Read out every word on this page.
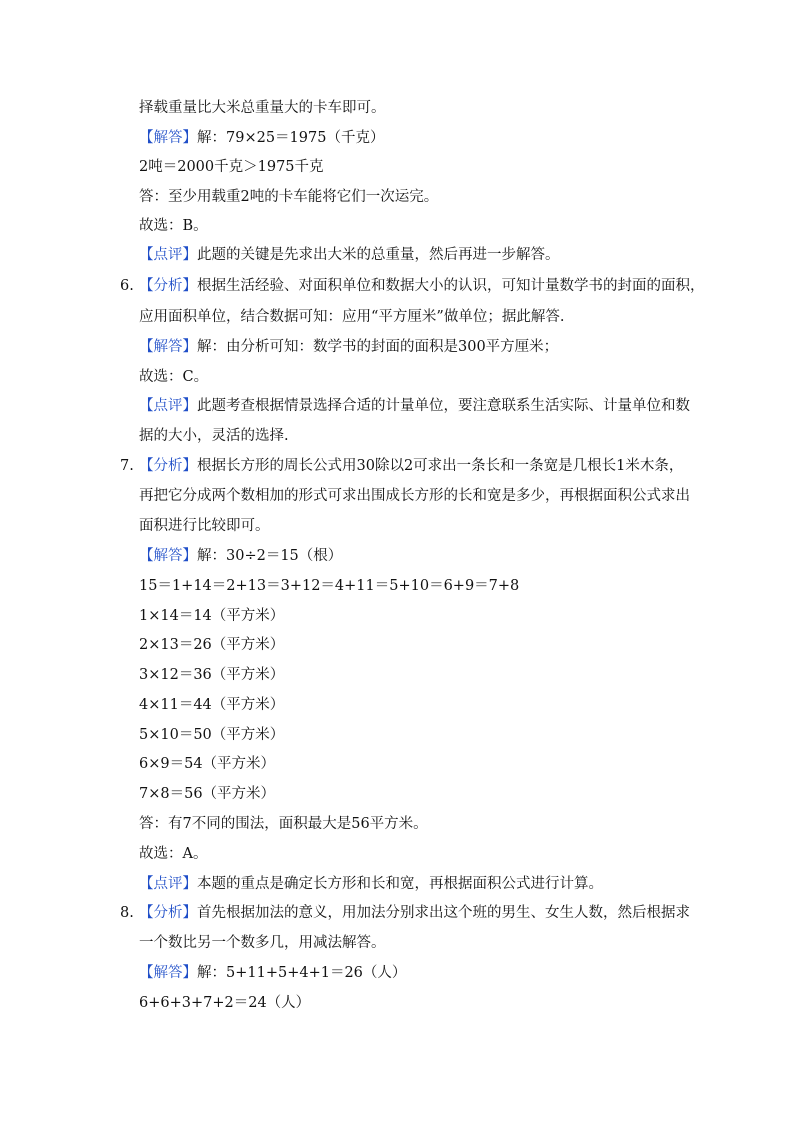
择载重量比大米总重量大的卡车即可。
【解答】解：79×25＝1975（千克）
2吨＝2000千克＞1975千克
答：至少用载重2吨的卡车能将它们一次运完。
故选：B。
【点评】此题的关键是先求出大米的总重量，然后再进一步解答。
6. 【分析】根据生活经验、对面积单位和数据大小的认识，可知计量数学书的封面的面积，
应用面积单位，结合数据可知：应用“平方厘米”做单位；据此解答.
【解答】解：由分析可知：数学书的封面的面积是300平方厘米；
故选：C。
【点评】此题考查根据情景选择合适的计量单位，要注意联系生活实际、计量单位和数
据的大小，灵活的选择.
7. 【分析】根据长方形的周长公式用30除以2可求出一条长和一条宽是几根长1米木条，
再把它分成两个数相加的形式可求出围成长方形的长和宽是多少，再根据面积公式求出
面积进行比较即可。
【解答】解：30÷2＝15（根）
15＝1+14＝2+13＝3+12＝4+11＝5+10＝6+9＝7+8
1×14＝14（平方米）
2×13＝26（平方米）
3×12＝36（平方米）
4×11＝44（平方米）
5×10＝50（平方米）
6×9＝54（平方米）
7×8＝56（平方米）
答：有7不同的围法，面积最大是56平方米。
故选：A。
【点评】本题的重点是确定长方形和长和宽，再根据面积公式进行计算。
8. 【分析】首先根据加法的意义，用加法分别求出这个班的男生、女生人数，然后根据求
一个数比另一个数多几，用减法解答。
【解答】解：5+11+5+4+1＝26（人）
6+6+3+7+2＝24（人）
